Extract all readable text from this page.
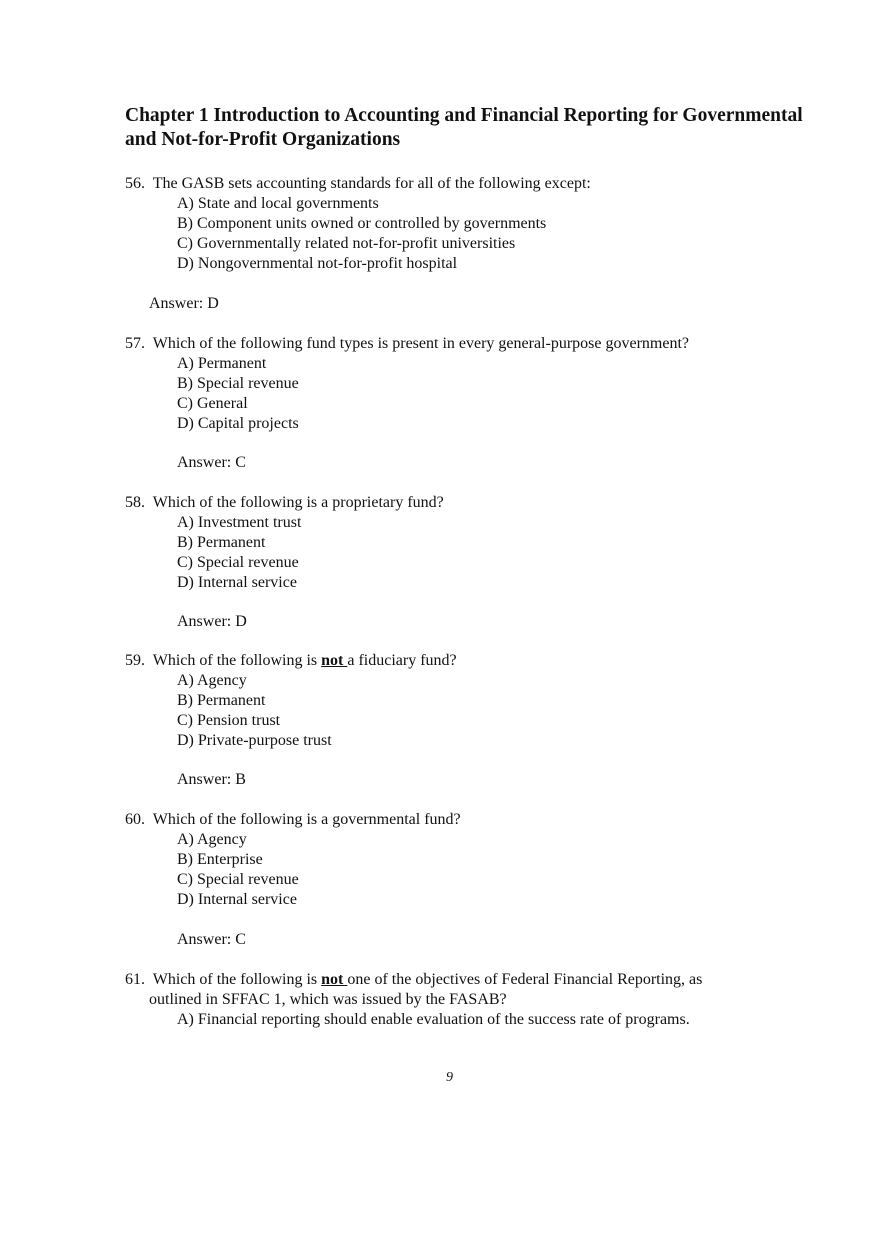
Chapter 1 Introduction to Accounting and Financial Reporting for Governmental and Not-for-Profit Organizations
56. The GASB sets accounting standards for all of the following except:
A) State and local governments
B) Component units owned or controlled by governments
C) Governmentally related not-for-profit universities
D) Nongovernmental not-for-profit hospital
Answer: D
57. Which of the following fund types is present in every general-purpose government?
A) Permanent
B) Special revenue
C) General
D) Capital projects
Answer: C
58. Which of the following is a proprietary fund?
A) Investment trust
B) Permanent
C) Special revenue
D) Internal service
Answer: D
59. Which of the following is not a fiduciary fund?
A) Agency
B) Permanent
C) Pension trust
D) Private-purpose trust
Answer: B
60. Which of the following is a governmental fund?
A) Agency
B) Enterprise
C) Special revenue
D) Internal service
Answer: C
61. Which of the following is not one of the objectives of Federal Financial Reporting, as
outlined in SFFAC 1, which was issued by the FASAB?
A) Financial reporting should enable evaluation of the success rate of programs.
9
